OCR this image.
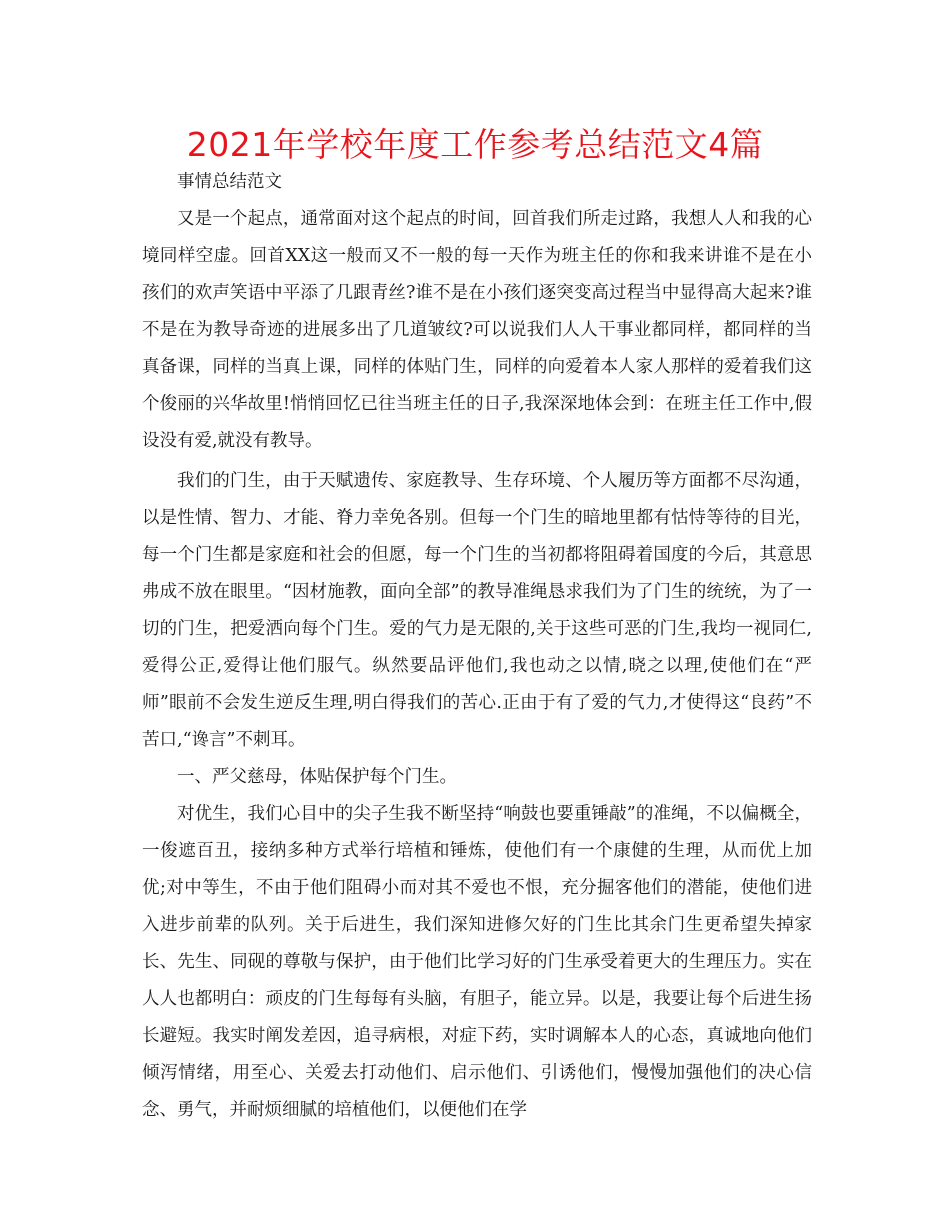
2021年学校年度工作参考总结范文4篇

事情总结范文

又是一个起点，通常面对这个起点的时间，回首我们所走过路，我想人人和我的心境同样空虚。回首XX这一般而又不一般的每一天作为班主任的你和我来讲谁不是在小孩们的欢声笑语中平添了几跟青丝?谁不是在小孩们逐突变高过程当中显得高大起来?谁不是在为教导奇迹的进展多出了几道皱纹?可以说我们人人干事业都同样，都同样的当真备课，同样的当真上课，同样的体贴门生，同样的向爱着本人家人那样的爱着我们这个俊丽的兴华故里!悄悄回忆已往当班主任的日子,我深深地体会到：在班主任工作中,假设没有爱,就没有教导。

我们的门生，由于天赋遗传、家庭教导、生存环境、个人履历等方面都不尽沟通，以是性情、智力、才能、脊力幸免各别。但每一个门生的暗地里都有怙恃等待的目光，每一个门生都是家庭和社会的但愿，每一个门生的当初都将阻碍着国度的今后，其意思弗成不放在眼里。“因材施教，面向全部”的教导准绳恳求我们为了门生的统统，为了一切的门生，把爱洒向每个门生。爱的气力是无限的,关于这些可恶的门生,我均一视同仁,爱得公正,爱得让他们服气。纵然要品评他们,我也动之以情,晓之以理,使他们在“严师”眼前不会发生逆反生理,明白得我们的苦心.正由于有了爱的气力,才使得这“良药”不苦口,“谗言”不刺耳。

一、严父慈母，体贴保护每个门生。

对优生，我们心目中的尖子生我不断坚持“响鼓也要重锤敲”的准绳，不以偏概全，一俊遮百丑，接纳多种方式举行培植和锤炼，使他们有一个康健的生理，从而优上加优;对中等生，不由于他们阻碍小而对其不爱也不恨，充分掘客他们的潜能，使他们进入进步前辈的队列。关于后进生，我们深知进修欠好的门生比其余门生更希望失掉家长、先生、同砚的尊敬与保护，由于他们比学习好的门生承受着更大的生理压力。实在人人也都明白：顽皮的门生每每有头脑，有胆子，能立异。以是，我要让每个后进生扬长避短。我实时阐发差因，追寻病根，对症下药，实时调解本人的心态，真诚地向他们倾泻情绪，用至心、关爱去打动他们、启示他们、引诱他们，慢慢加强他们的决心信念、勇气，并耐烦细腻的培植他们，以便他们在学
